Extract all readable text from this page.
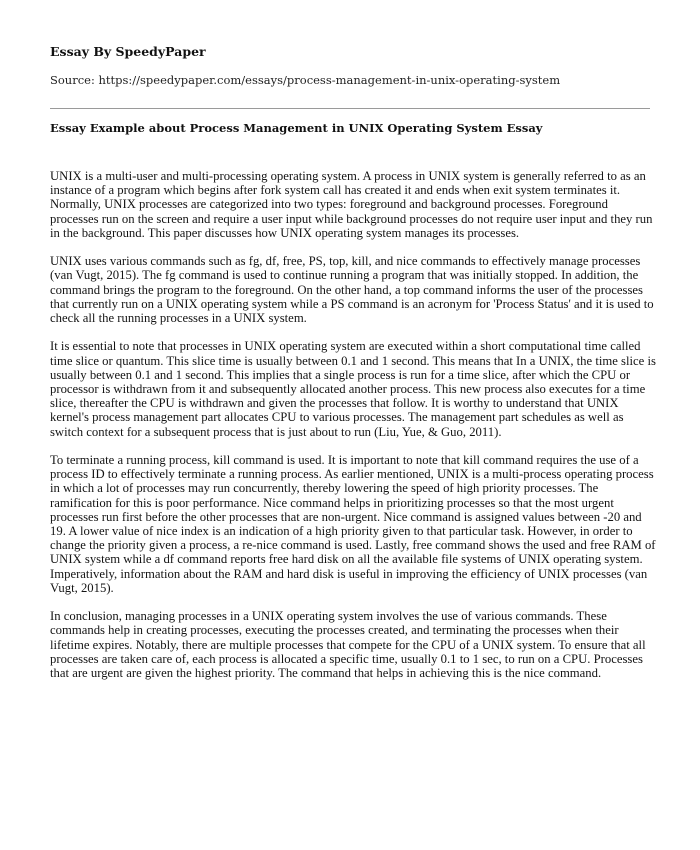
Essay By SpeedyPaper

Source: https://speedypaper.com/essays/process-management-in-unix-operating-system

Essay Example about Process Management in UNIX Operating System Essay

UNIX is a multi-user and multi-processing operating system. A process in UNIX system is generally referred to as an instance of a program which begins after fork system call has created it and ends when exit system terminates it. Normally, UNIX processes are categorized into two types: foreground and background processes. Foreground processes run on the screen and require a user input while background processes do not require user input and they run in the background. This paper discusses how UNIX operating system manages its processes.

UNIX uses various commands such as fg, df, free, PS, top, kill, and nice commands to effectively manage processes (van Vugt, 2015). The fg command is used to continue running a program that was initially stopped. In addition, the command brings the program to the foreground. On the other hand, a top command informs the user of the processes that currently run on a UNIX operating system while a PS command is an acronym for 'Process Status' and it is used to check all the running processes in a UNIX system.

It is essential to note that processes in UNIX operating system are executed within a short computational time called time slice or quantum. This slice time is usually between 0.1 and 1 second. This means that In a UNIX, the time slice is usually between 0.1 and 1 second. This implies that a single process is run for a time slice, after which the CPU or processor is withdrawn from it and subsequently allocated another process. This new process also executes for a time slice, thereafter the CPU is withdrawn and given the processes that follow. It is worthy to understand that UNIX kernel's process management part allocates CPU to various processes. The management part schedules as well as switch context for a subsequent process that is just about to run (Liu, Yue, & Guo, 2011).

To terminate a running process, kill command is used. It is important to note that kill command requires the use of a process ID to effectively terminate a running process. As earlier mentioned, UNIX is a multi-process operating process in which a lot of processes may run concurrently, thereby lowering the speed of high priority processes. The ramification for this is poor performance. Nice command helps in prioritizing processes so that the most urgent processes run first before the other processes that are non-urgent. Nice command is assigned values between -20 and 19. A lower value of nice index is an indication of a high priority given to that particular task. However, in order to change the priority given a process, a re-nice command is used. Lastly, free command shows the used and free RAM of UNIX system while a df command reports free hard disk on all the available file systems of UNIX operating system. Imperatively, information about the RAM and hard disk is useful in improving the efficiency of UNIX processes (van Vugt, 2015).

In conclusion, managing processes in a UNIX operating system involves the use of various commands. These commands help in creating processes, executing the processes created, and terminating the processes when their lifetime expires. Notably, there are multiple processes that compete for the CPU of a UNIX system. To ensure that all processes are taken care of, each process is allocated a specific time, usually 0.1 to 1 sec, to run on a CPU. Processes that are urgent are given the highest priority. The command that helps in achieving this is the nice command.
